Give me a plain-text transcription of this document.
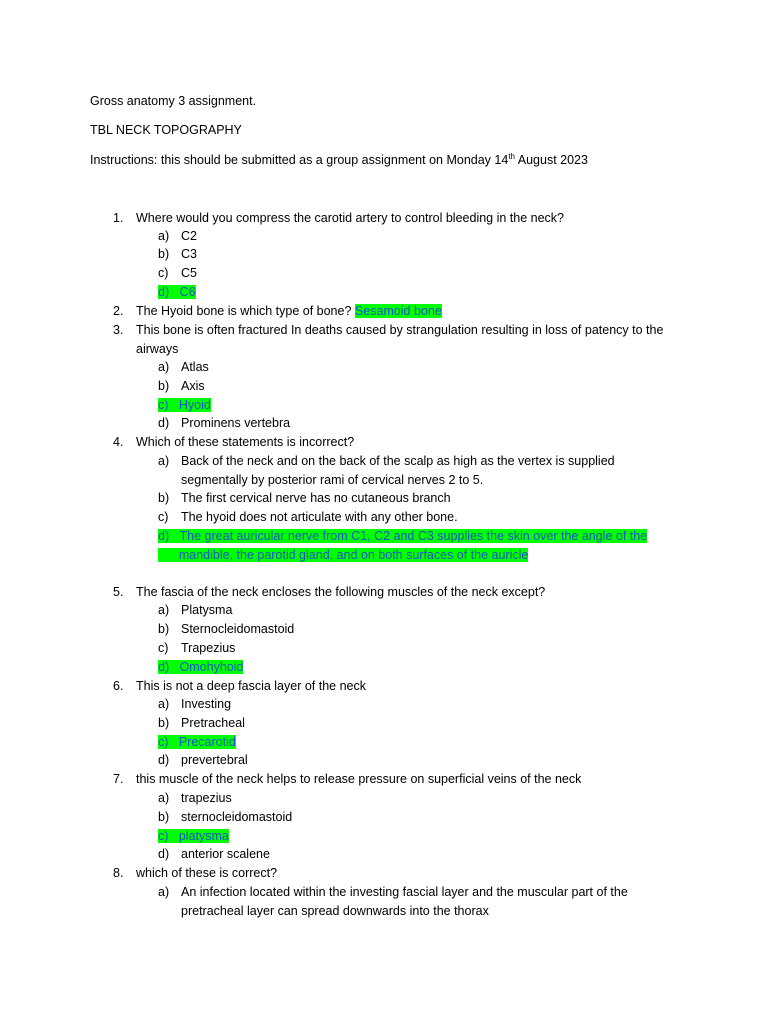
Gross anatomy 3 assignment.
TBL NECK TOPOGRAPHY
Instructions: this should be submitted as a group assignment on Monday 14th August 2023
1. Where would you compress the carotid artery to control bleeding in the neck?
a) C2
b) C3
c) C5
d) C6
2. The Hyoid bone is which type of bone? Sesamoid bone
3. This bone is often fractured In deaths caused by strangulation resulting in loss of patency to the
airways
a) Atlas
b) Axis
c) Hyoid
d) Prominens vertebra
4. Which of these statements is incorrect?
a) Back of the neck and on the back of the scalp as high as the vertex is supplied
segmentally by posterior rami of cervical nerves 2 to 5.
b) The first cervical nerve has no cutaneous branch
c) The hyoid does not articulate with any other bone.
d) The great auricular nerve from C1, C2 and C3 supplies the skin over the angle of the
mandible, the parotid gland, and on both surfaces of the auricle
5. The fascia of the neck encloses the following muscles of the neck except?
a) Platysma
b) Sternocleidomastoid
c) Trapezius
d) Omohyhoid
6. This is not a deep fascia layer of the neck
a) Investing
b) Pretracheal
c) Precarotid
d) prevertebral
7. this muscle of the neck helps to release pressure on superficial veins of the neck
a) trapezius
b) sternocleidomastoid
c) platysma
d) anterior scalene
8. which of these is correct?
a) An infection located within the investing fascial layer and the muscular part of the
pretracheal layer can spread downwards into the thorax
